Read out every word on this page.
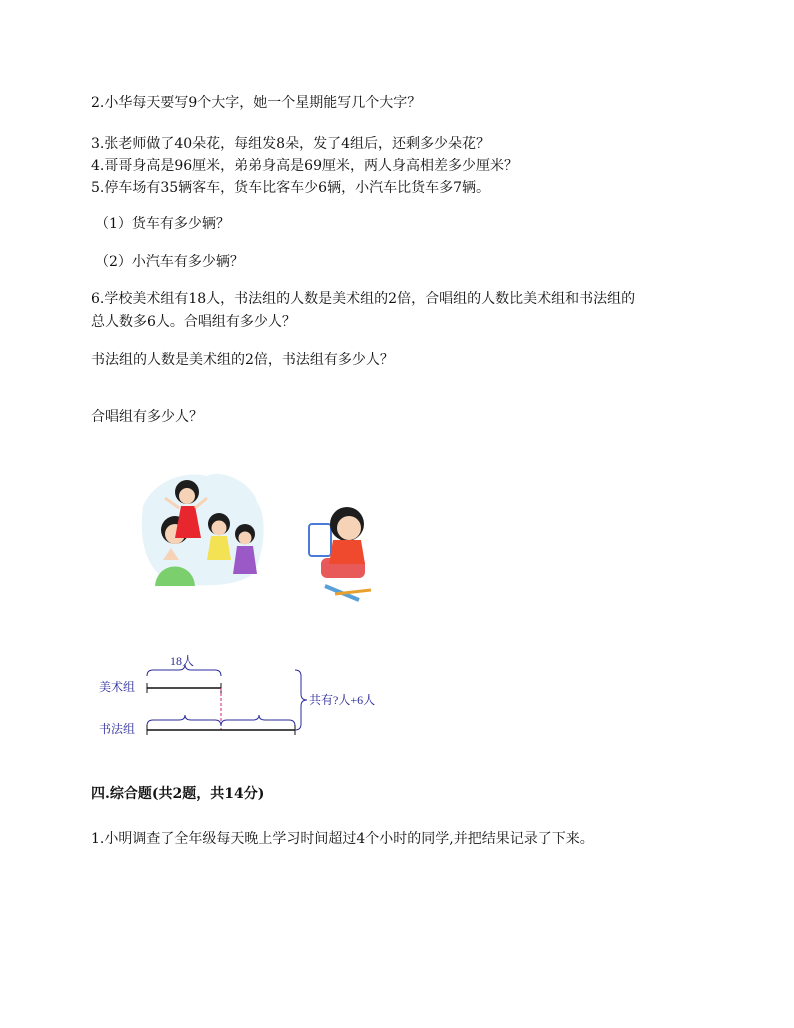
2.小华每天要写9个大字，她一个星期能写几个大字？
3.张老师做了40朵花，每组发8朵，发了4组后，还剩多少朵花？
4.哥哥身高是96厘米，弟弟身高是69厘米，两人身高相差多少厘米？
5.停车场有35辆客车，货车比客车少6辆，小汽车比货车多7辆。
（1）货车有多少辆？
（2）小汽车有多少辆？
6.学校美术组有18人，书法组的人数是美术组的2倍，合唱组的人数比美术组和书法组的
总人数多6人。合唱组有多少人？
书法组的人数是美术组的2倍，书法组有多少人？
合唱组有多少人？
18人
美术组
书法组
共有?人+6人
四.综合题(共2题，共14分)
1.小明调查了全年级每天晚上学习时间超过4个小时的同学,并把结果记录了下来。
